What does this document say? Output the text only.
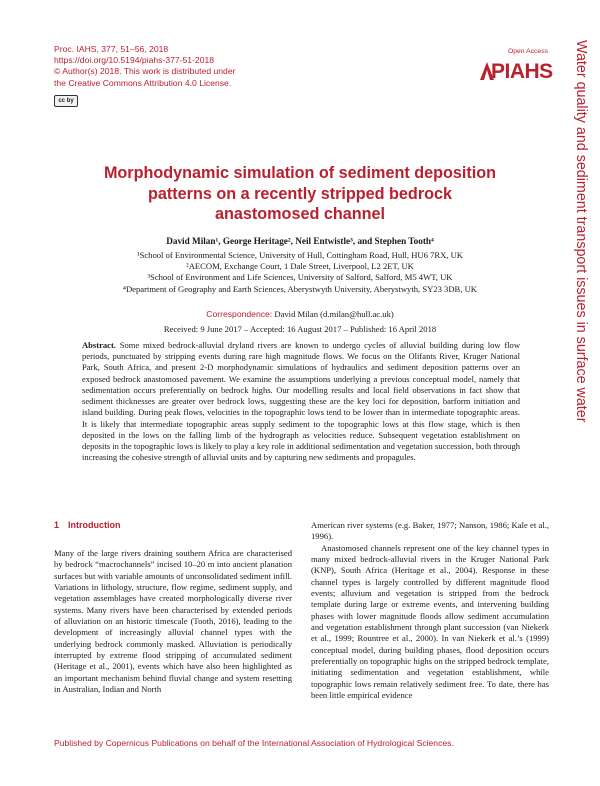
Proc. IAHS, 377, 51–56, 2018
https://doi.org/10.5194/piahs-377-51-2018
© Author(s) 2018. This work is distributed under
the Creative Commons Attribution 4.0 License.
cc by
Open Access
PIAHS Water quality and sediment transport issues in surface water
Morphodynamic simulation of sediment deposition
patterns on a recently stripped bedrock
anastomosed channel
David Milan¹, George Heritage², Neil Entwistle³, and Stephen Tooth⁴
¹School of Environmental Science, University of Hull, Cottingham Road, Hull, HU6 7RX, UK
²AECOM, Exchange Court, 1 Dale Street, Liverpool, L2 2ET, UK
³School of Environment and Life Sciences, University of Salford, Salford, M5 4WT, UK
⁴Department of Geography and Earth Sciences, Aberystwyth University, Aberystwyth, SY23 3DB, UK
Correspondence: David Milan (d.milan@hull.ac.uk)
Received: 9 June 2017 – Accepted: 16 August 2017 – Published: 16 April 2018
Abstract. Some mixed bedrock-alluvial dryland rivers are known to undergo cycles of alluvial building during low flow periods, punctuated by stripping events during rare high magnitude flows. We focus on the Olifants River, Kruger National Park, South Africa, and present 2-D morphodynamic simulations of hydraulics and sediment deposition patterns over an exposed bedrock anastomosed pavement. We examine the assumptions underlying a previous conceptual model, namely that sedimentation occurs preferentially on bedrock highs. Our modelling results and local field observations in fact show that sediment thicknesses are greater over bedrock lows, suggesting these are the key loci for deposition, barform initiation and island building. During peak flows, velocities in the topographic lows tend to be lower than in intermediate topographic areas. It is likely that intermediate topographic areas supply sediment to the topographic lows at this flow stage, which is then deposited in the lows on the falling limb of the hydrograph as velocities reduce. Subsequent vegetation establishment on deposits in the topographic lows is likely to play a key role in additional sedimentation and vegetation succession, both through increasing the cohesive strength of alluvial units and by capturing new sediments and propagules.
1 Introduction

Many of the large rivers draining southern Africa are characterised by bedrock “macrochannels” incised 10–20 m into ancient planation surfaces but with variable amounts of unconsolidated sediment infill. Variations in lithology, structure, flow regime, sediment supply, and vegetation assemblages have created morphologically diverse river systems. Many rivers have been characterised by extended periods of alluviation on an historic timescale (Tooth, 2016), leading to the development of increasingly alluvial channel types with the underlying bedrock commonly masked. Alluviation is periodically interrupted by extreme flood stripping of accumulated sediment (Heritage et al., 2001), events which have also been highlighted as an important mechanism behind fluvial change and system resetting in Australian, Indian and North

American river systems (e.g. Baker, 1977; Nanson, 1986; Kale et al., 1996).

Anastomosed channels represent one of the key channel types in many mixed bedrock-alluvial rivers in the Kruger National Park (KNP), South Africa (Heritage et al., 2004). Response in these channel types is largely controlled by different magnitude flood events; alluvium and vegetation is stripped from the bedrock template during large or extreme events, and intervening building phases with lower magnitude floods allow sediment accumulation and vegetation establishment through plant succession (van Niekerk et al., 1999; Rountree et al., 2000). In van Niekerk et al.’s (1999) conceptual model, during building phases, flood deposition occurs preferentially on topographic highs on the stripped bedrock template, initiating sedimentation and vegetation establishment, while topographic lows remain relatively sediment free. To date, there has been little empirical evidence

Published by Copernicus Publications on behalf of the International Association of Hydrological Sciences.
